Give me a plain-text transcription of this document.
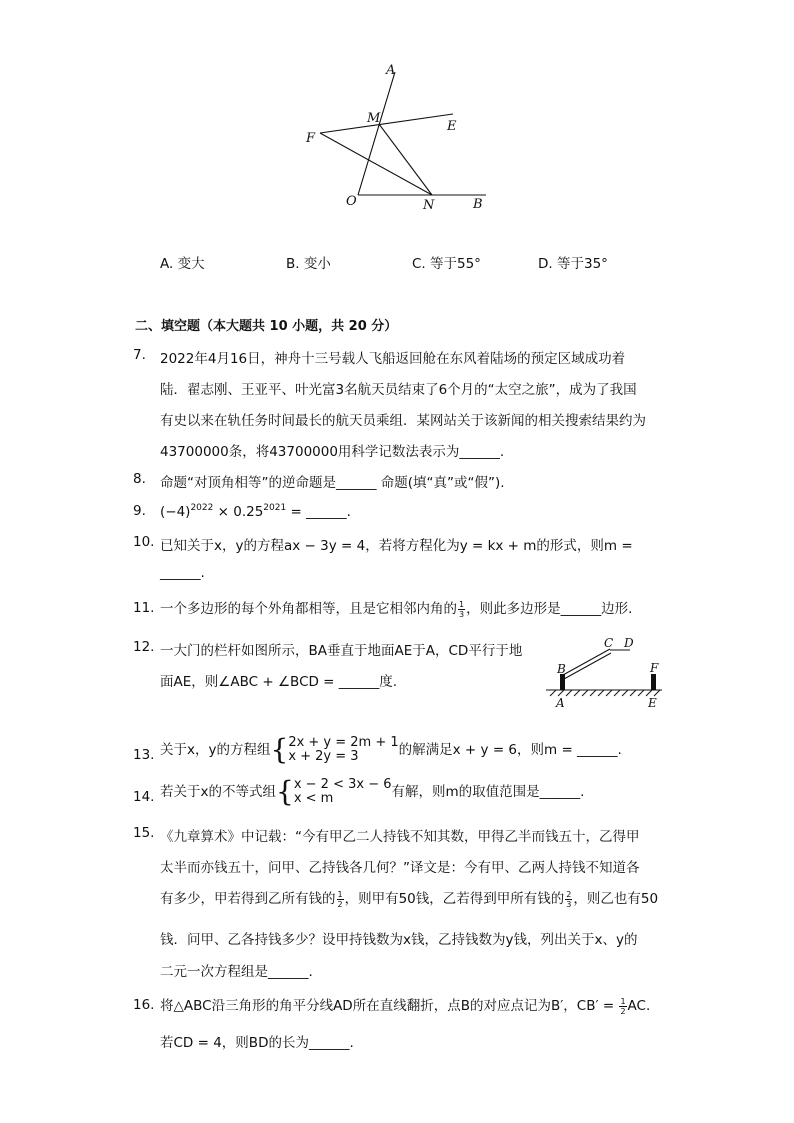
A
M
E
F
O	N	B
A. 变大	B. 变小	C. 等于55°	D. 等于35°
二、填空题（本大题共 10 小题，共 20 分）
7. 2022年4月16日，神舟十三号载人飞船返回舱在东风着陆场的预定区域成功着
陆．翟志刚、王亚平、叶光富3名航天员结束了6个月的“太空之旅”，成为了我国
有史以来在轨任务时间最长的航天员乘组．某网站关于该新闻的相关搜索结果约为
43700000条，将43700000用科学记数法表示为______.
8. 命题“对顶角相等”的逆命题是______ 命题(填“真”或“假”).
9. $(-4)^{2022} \times 0.25^{2021}$ = ______.
10. 已知关于x，y的方程ax − 3y = 4，若将方程化为y = kx + m的形式，则m =
______.
11. 一个多边形的每个外角都相等，且是它相邻内角的 $\frac{1}{3}$ ，则此多边形是______边形.
12. 一大门的栏杆如图所示，BA垂直于地面AE于A，CD平行于地
面AE，则∠ABC + ∠BCD = ______度.
C D
B	F
A	E
13. 关于x，y的方程组{ 2x + y = 2m + 1
x + 2y = 3	的解满足x + y = 6，则m = ______.
14. 若关于x的不等式组{ x − 2 < 3x − 6
x < m	有解，则m的取值范围是______.
15. 《九章算术》中记载：“今有甲乙二人持钱不知其数，甲得乙半而钱五十，乙得甲
太半而亦钱五十，问甲、乙持钱各几何？”译文是：今有甲、乙两人持钱不知道各
有多少，甲若得到乙所有钱的 $\frac{1}{2}$ ，则甲有50钱，乙若得到甲所有钱的 $\frac{2}{3}$ ，则乙也有50
钱．问甲、乙各持钱多少？设甲持钱数为x钱，乙持钱数为y钱，列出关于x、y的
二元一次方程组是______.
16. 将△ABC沿三角形的角平分线AD所在直线翻折，点B的对应点记为B′，$CB' = \frac{1}{2}$ AC.
若CD = 4，则BD的长为______.
